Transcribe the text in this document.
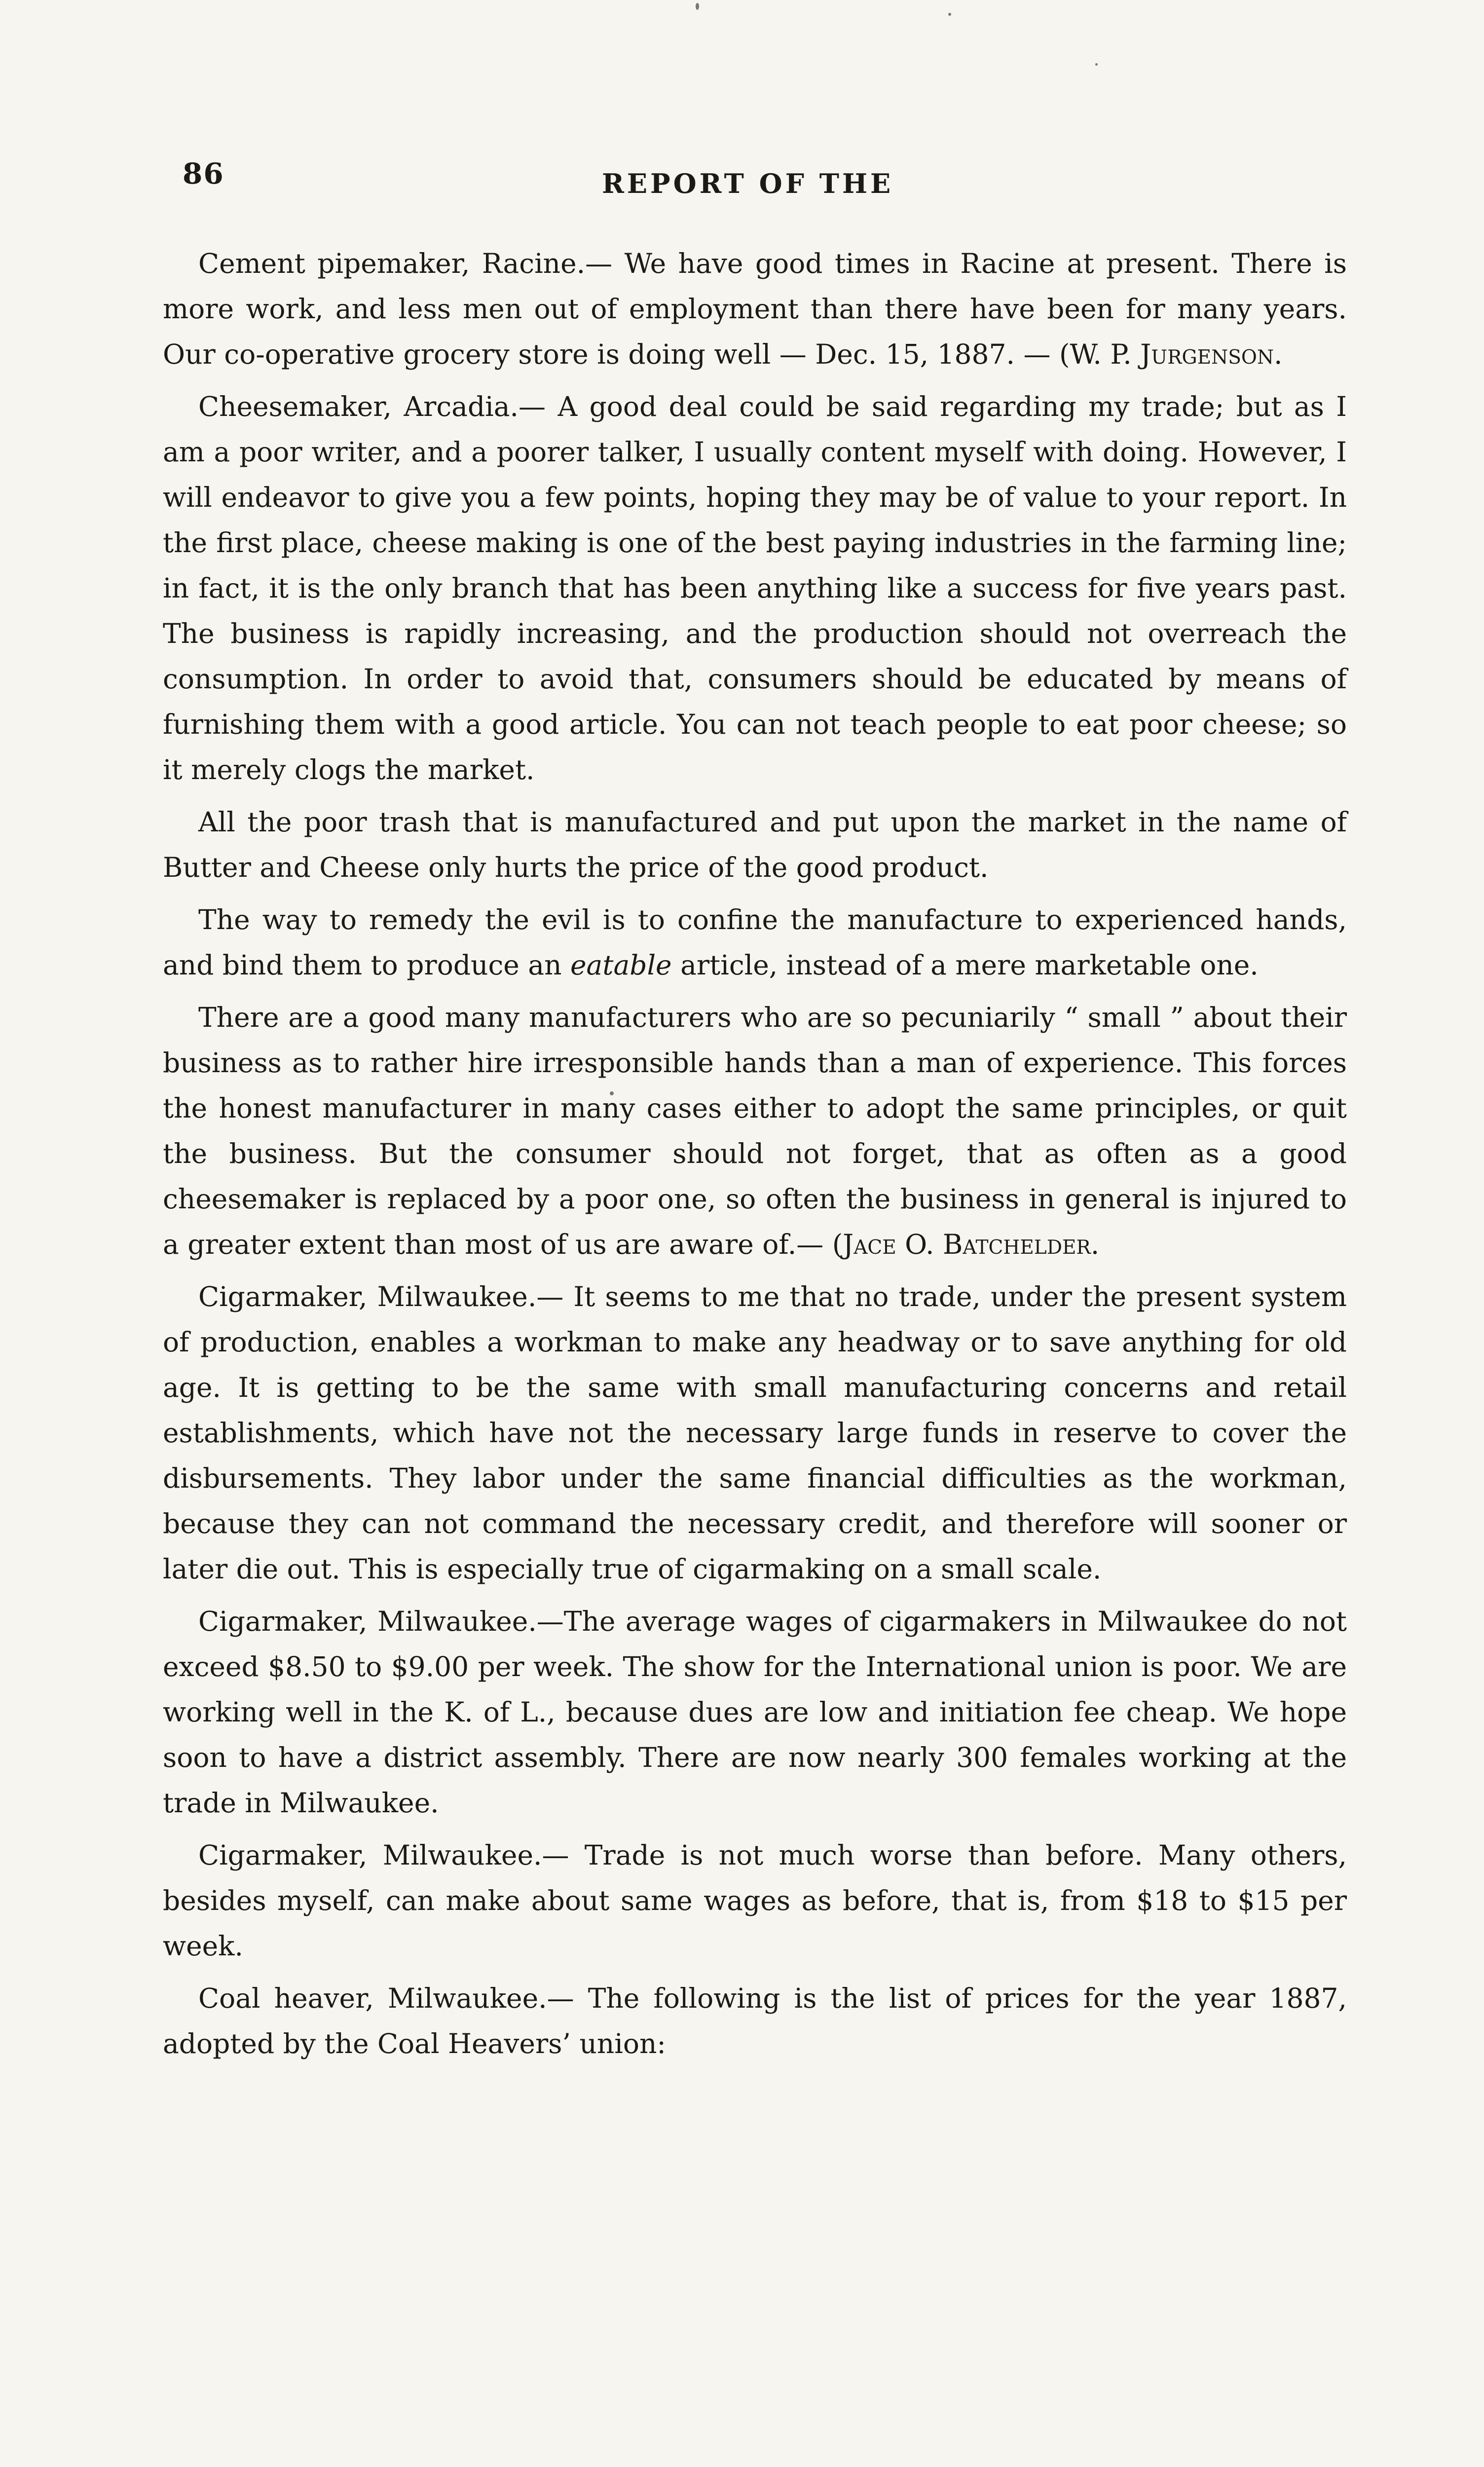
86	REPORT OF THE

Cement pipemaker, Racine.— We have good times in Racine at present. There is more work, and less men out of employment than there have been for many years. Our co-operative grocery store is doing well — Dec. 15, 1887. — (W. P. Jurgenson.

Cheesemaker, Arcadia.— A good deal could be said regarding my trade; but as I am a poor writer, and a poorer talker, I usually content myself with doing. However, I will endeavor to give you a few points, hoping they may be of value to your report. In the first place, cheese making is one of the best paying industries in the farming line; in fact, it is the only branch that has been anything like a success for five years past. The business is rapidly increasing, and the production should not overreach the consumption. In order to avoid that, consumers should be educated by means of furnishing them with a good article. You can not teach people to eat poor cheese; so it merely clogs the market.

All the poor trash that is manufactured and put upon the market in the name of Butter and Cheese only hurts the price of the good product.

The way to remedy the evil is to confine the manufacture to experienced hands, and bind them to produce an eatable article, instead of a mere marketable one.

There are a good many manufacturers who are so pecuniarily “ small ” about their business as to rather hire irresponsible hands than a man of experience. This forces the honest manufacturer in many cases either to adopt the same principles, or quit the business. But the consumer should not forget, that as often as a good cheesemaker is replaced by a poor one, so often the business in general is injured to a greater extent than most of us are aware of.— (Jace O. Batchelder.

Cigarmaker, Milwaukee.— It seems to me that no trade, under the present system of production, enables a workman to make any headway or to save anything for old age. It is getting to be the same with small manufacturing concerns and retail establishments, which have not the necessary large funds in reserve to cover the disbursements. They labor under the same financial difficulties as the workman, because they can not command the necessary credit, and therefore will sooner or later die out. This is especially true of cigarmaking on a small scale.

Cigarmaker, Milwaukee.—The average wages of cigarmakers in Milwaukee do not exceed $8.50 to $9.00 per week. The show for the International union is poor. We are working well in the K. of L., because dues are low and initiation fee cheap. We hope soon to have a district assembly. There are now nearly 300 females working at the trade in Milwaukee.

Cigarmaker, Milwaukee.— Trade is not much worse than before. Many others, besides myself, can make about same wages as before, that is, from $18 to $15 per week.

Coal heaver, Milwaukee.— The following is the list of prices for the year 1887, adopted by the Coal Heavers’ union:
